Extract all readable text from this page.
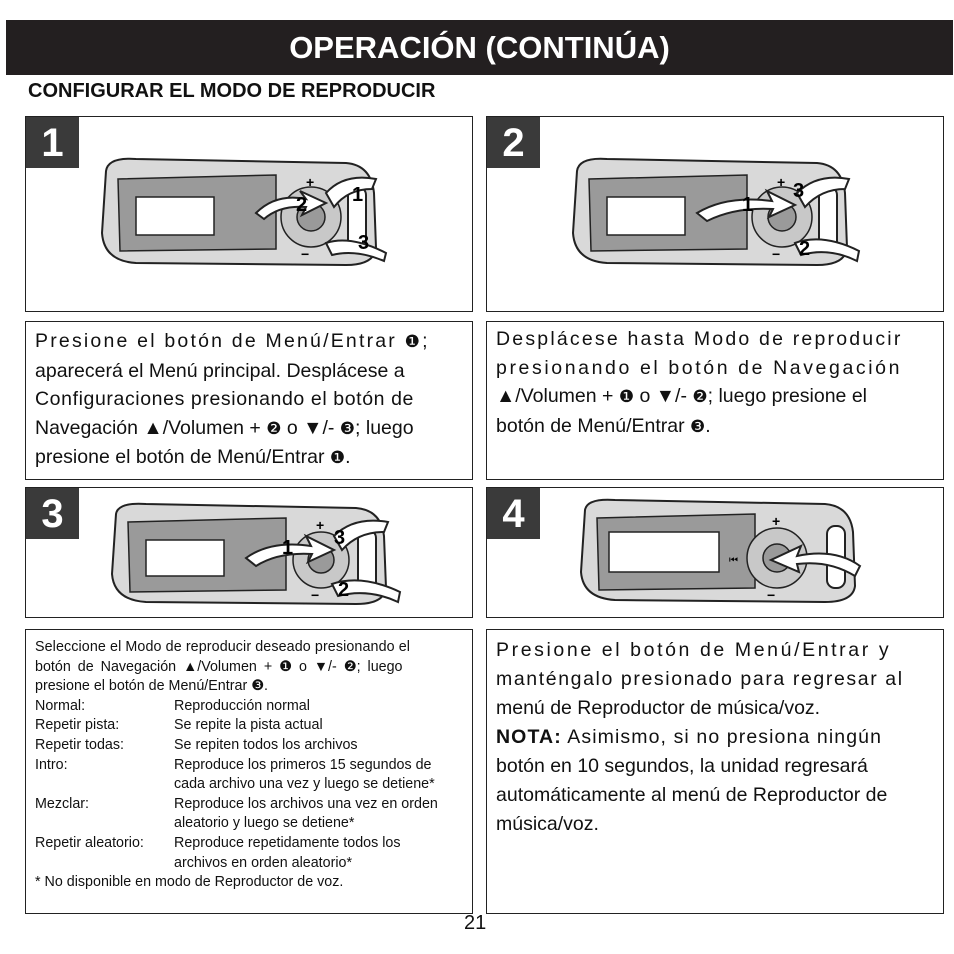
OPERACIÓN (CONTINÚA)
CONFIGURAR EL MODO DE REPRODUCIR
1
+
−
2 1
3
2
+
−
1
3
2
Presione el botón de Menú/Entrar ❶;
aparecerá el Menú principal. Desplácese a
Configuraciones presionando el botón de
Navegación ▲/Volumen + ❷ o ▼/- ❸; luego
presione el botón de Menú/Entrar ❶.
Desplácese hasta Modo de reproducir
presionando el botón de Navegación
▲/Volumen + ❶ o ▼/- ❷; luego presione el
botón de Menú/Entrar ❸.
3	+
−
1 3
2
4	+
−
⏮
Seleccione el Modo de reproducir deseado presionando el
botón de Navegación ▲/Volumen + ❶ o ▼/- ❷; luego
presione el botón de Menú/Entrar ❸.
Normal:	Reproducción normal
Repetir pista:	Se repite la pista actual
Repetir todas:	Se repiten todos los archivos
Intro:	Reproduce los primeros 15 segundos de
cada archivo una vez y luego se detiene*
Mezclar:	Reproduce los archivos una vez en orden
aleatorio y luego se detiene*
Repetir aleatorio:	Reproduce repetidamente todos los
archivos en orden aleatorio*
* No disponible en modo de Reproductor de voz.
Presione el botón de Menú/Entrar y
manténgalo presionado para regresar al
menú de Reproductor de música/voz.
NOTA: Asimismo, si no presiona ningún
botón en 10 segundos, la unidad regresará
automáticamente al menú de Reproductor de
música/voz.
21
